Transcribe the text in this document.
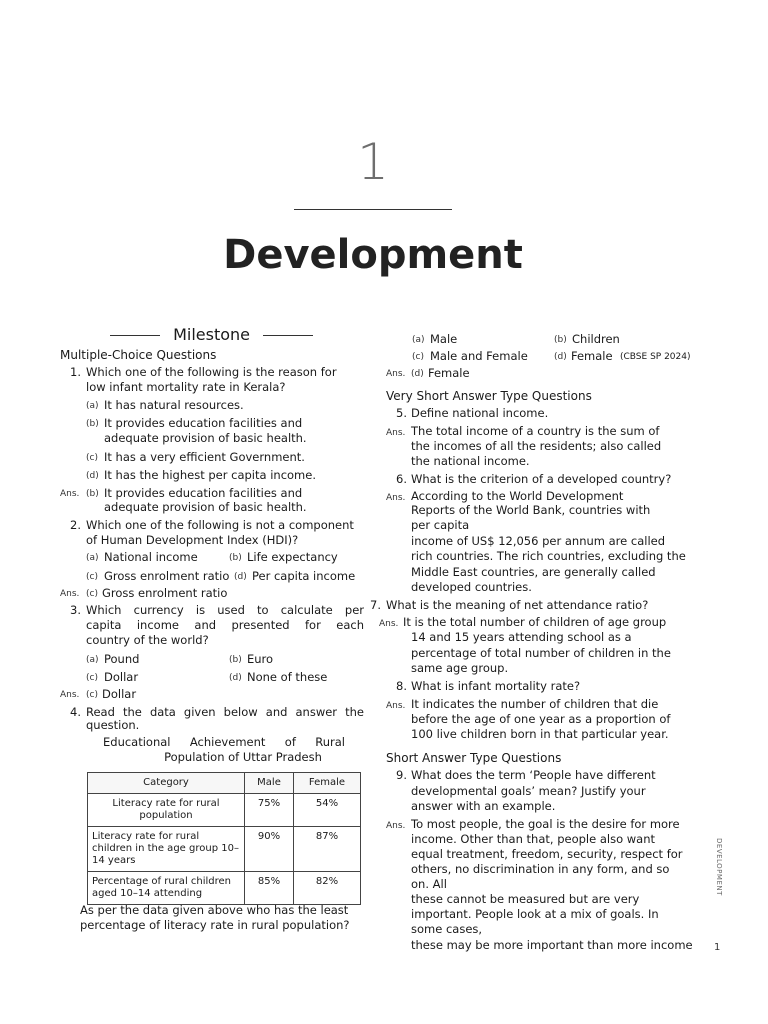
1
Development
Milestone
Multiple-Choice Questions
1. Which one of the following is the reason for
low infant mortality rate in Kerala?
(a) It has natural resources.
(b) It provides education facilities and
adequate provision of basic health.
(c) It has a very efficient Government.
(d) It has the highest per capita income.
Ans. (b) It provides education facilities and
adequate provision of basic health.
2. Which one of the following is not a component
of Human Development Index (HDI)?
(a) National income	(b) Life expectancy
(c) Gross enrolment ratio (d) Per capita income
Ans. (c) Gross enrolment ratio
3. Which currency is used to calculate per
capita income and presented for each
country of the world?
(a) Pound	(b) Euro
(c) Dollar	(d) None of these
Ans. (c) Dollar
4. Read the data given below and answer the
question.
Educational Achievement of Rural
Population of Uttar Pradesh
Category	Male	Female
Literacy rate for rural population	75%	54%
Literacy rate for rural children in the age group 10–14 years	90%	87%
Percentage of rural children aged 10–14 attending	85%	82%
As per the data given above who has the least
percentage of literacy rate in rural population?
(a) Male	(b) Children
(c) Male and Female	(d) Female (CBSE SP 2024)
Ans. (d) Female
Very Short Answer Type Questions
5. Define national income.
Ans. The total income of a country is the sum of
the incomes of all the residents; also called
the national income.
6. What is the criterion of a developed country?
Ans. According to the World Development
Reports of the World Bank, countries with
per capita
income of US$ 12,056 per annum are called
rich countries. The rich countries, excluding the
Middle East countries, are generally called
developed countries.
7. What is the meaning of net attendance ratio?
Ans. It is the total number of children of age group
14 and 15 years attending school as a
percentage of total number of children in the
same age group.
8. What is infant mortality rate?
Ans. It indicates the number of children that die
before the age of one year as a proportion of
100 live children born in that particular year.
Short Answer Type Questions
9. What does the term ‘People have different
developmental goals’ mean? Justify your
answer with an example.
Ans. To most people, the goal is the desire for more
income. Other than that, people also want
equal treatment, freedom, security, respect for
others, no discrimination in any form, and so
on. All
these cannot be measured but are very
important. People look at a mix of goals. In
some cases,
these may be more important than more income
DEVELOPMENT
1
